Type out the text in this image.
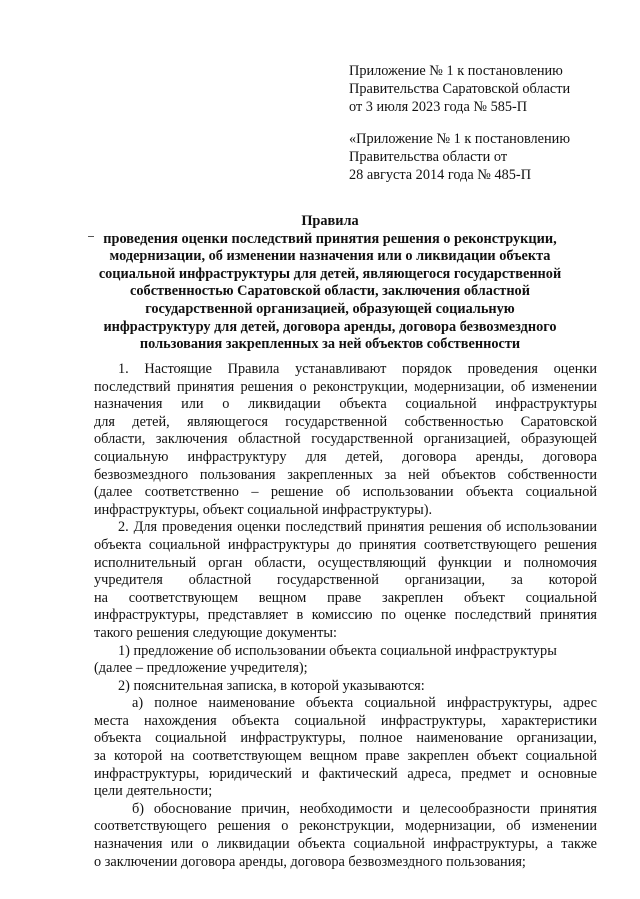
Приложение № 1 к постановлению
Правительства Саратовской области
от 3 июля 2023 года № 585-П
«Приложение № 1 к постановлению
Правительства области от
28 августа 2014 года № 485-П
Правила
проведения оценки последствий принятия решения о реконструкции,
модернизации, об изменении назначения или о ликвидации объекта
социальной инфраструктуры для детей, являющегося государственной
собственностью Саратовской области, заключения областной
государственной организацией, образующей социальную
инфраструктуру для детей, договора аренды, договора безвозмездного
пользования закрепленных за ней объектов собственности
1. Настоящие Правила устанавливают порядок проведения оценки
последствий принятия решения о реконструкции, модернизации, об изменении
назначения или о ликвидации объекта социальной инфраструктуры
для детей, являющегося государственной собственностью Саратовской
области, заключения областной государственной организацией, образующей
социальную инфраструктуру для детей, договора аренды, договора
безвозмездного пользования закрепленных за ней объектов собственности
(далее соответственно – решение об использовании объекта социальной
инфраструктуры, объект социальной инфраструктуры).
2. Для проведения оценки последствий принятия решения об использовании
объекта социальной инфраструктуры до принятия соответствующего решения
исполнительный орган области, осуществляющий функции и полномочия
учредителя областной государственной организации, за которой
на соответствующем вещном праве закреплен объект социальной
инфраструктуры, представляет в комиссию по оценке последствий принятия
такого решения следующие документы:
1) предложение об использовании объекта социальной инфраструктуры
(далее – предложение учредителя);
2) пояснительная записка, в которой указываются:
а) полное наименование объекта социальной инфраструктуры, адрес
места нахождения объекта социальной инфраструктуры, характеристики
объекта социальной инфраструктуры, полное наименование организации,
за которой на соответствующем вещном праве закреплен объект социальной
инфраструктуры, юридический и фактический адреса, предмет и основные
цели деятельности;
б) обоснование причин, необходимости и целесообразности принятия
соответствующего решения о реконструкции, модернизации, об изменении
назначения или о ликвидации объекта социальной инфраструктуры, а также
о заключении договора аренды, договора безвозмездного пользования;
